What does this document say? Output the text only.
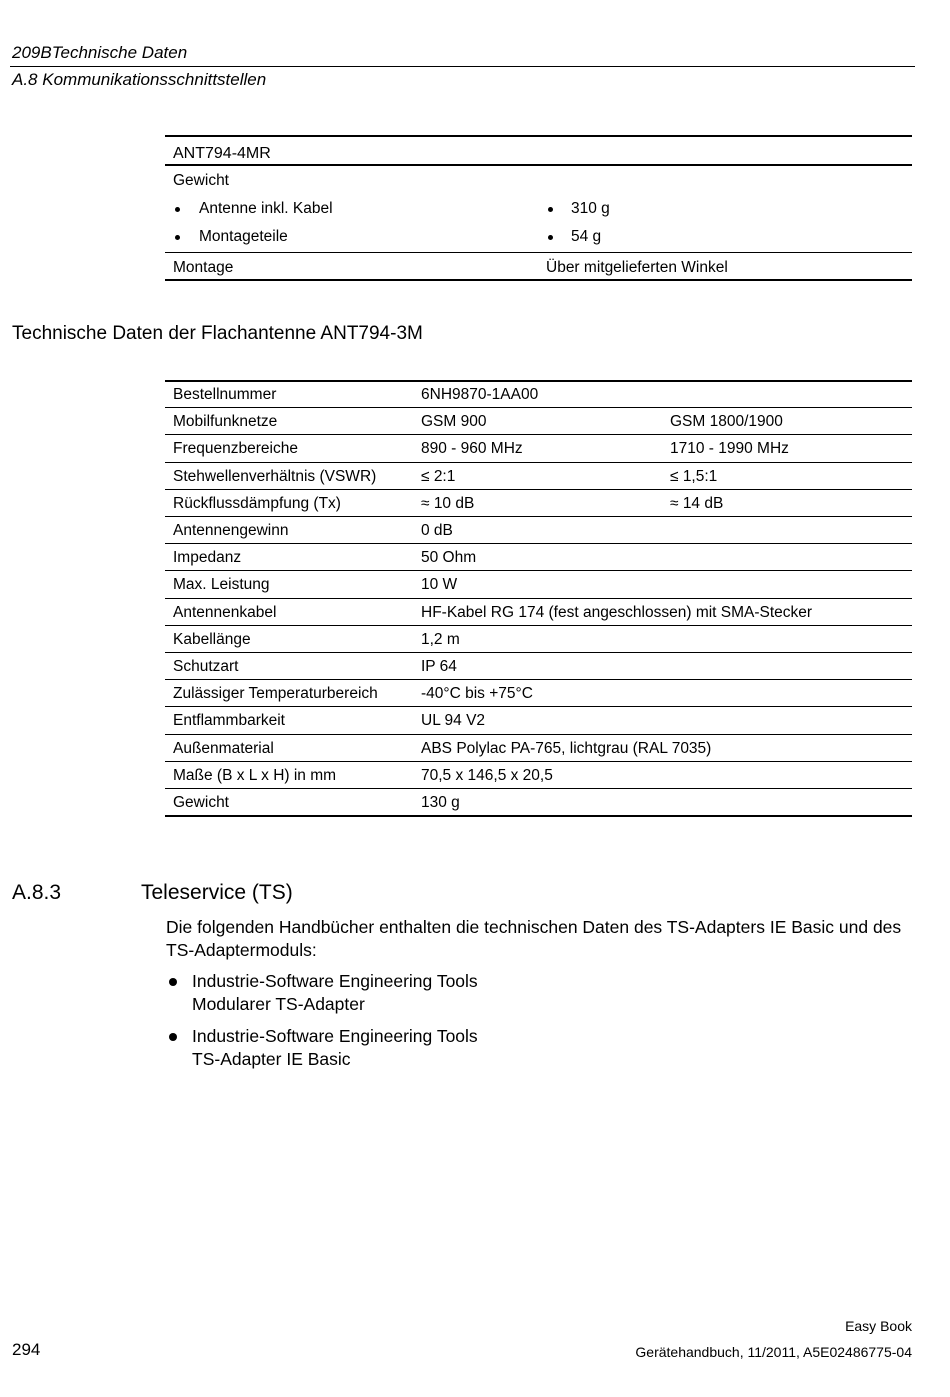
209BTechnische Daten
A.8 Kommunikationsschnittstellen
ANT794-4MR
Gewicht
Antenne inkl. Kabel	310 g
Montageteile	54 g
Montage	Über mitgelieferten Winkel
Technische Daten der Flachantenne ANT794-3M
Bestellnummer	6NH9870-1AA00
Mobilfunknetze	GSM 900	GSM 1800/1900
Frequenzbereiche	890 - 960 MHz	1710 - 1990 MHz
Stehwellenverhältnis (VSWR)	≤ 2:1	≤ 1,5:1
Rückflussdämpfung (Tx)	≈ 10 dB	≈ 14 dB
Antennengewinn	0 dB
Impedanz	50 Ohm
Max. Leistung	10 W
Antennenkabel	HF-Kabel RG 174 (fest angeschlossen) mit SMA-Stecker
Kabellänge	1,2 m
Schutzart	IP 64
Zulässiger Temperaturbereich	-40°C bis +75°C
Entflammbarkeit	UL 94 V2
Außenmaterial	ABS Polylac PA-765, lichtgrau (RAL 7035)
Maße (B x L x H) in mm	70,5 x 146,5 x 20,5
Gewicht	130 g
A.8.3	Teleservice (TS)
Die folgenden Handbücher enthalten die technischen Daten des TS-Adapters IE Basic und des TS-Adaptermoduls:
Industrie-Software Engineering Tools
Modularer TS-Adapter
Industrie-Software Engineering Tools
TS-Adapter IE Basic
294
Easy Book
Gerätehandbuch, 11/2011, A5E02486775-04
